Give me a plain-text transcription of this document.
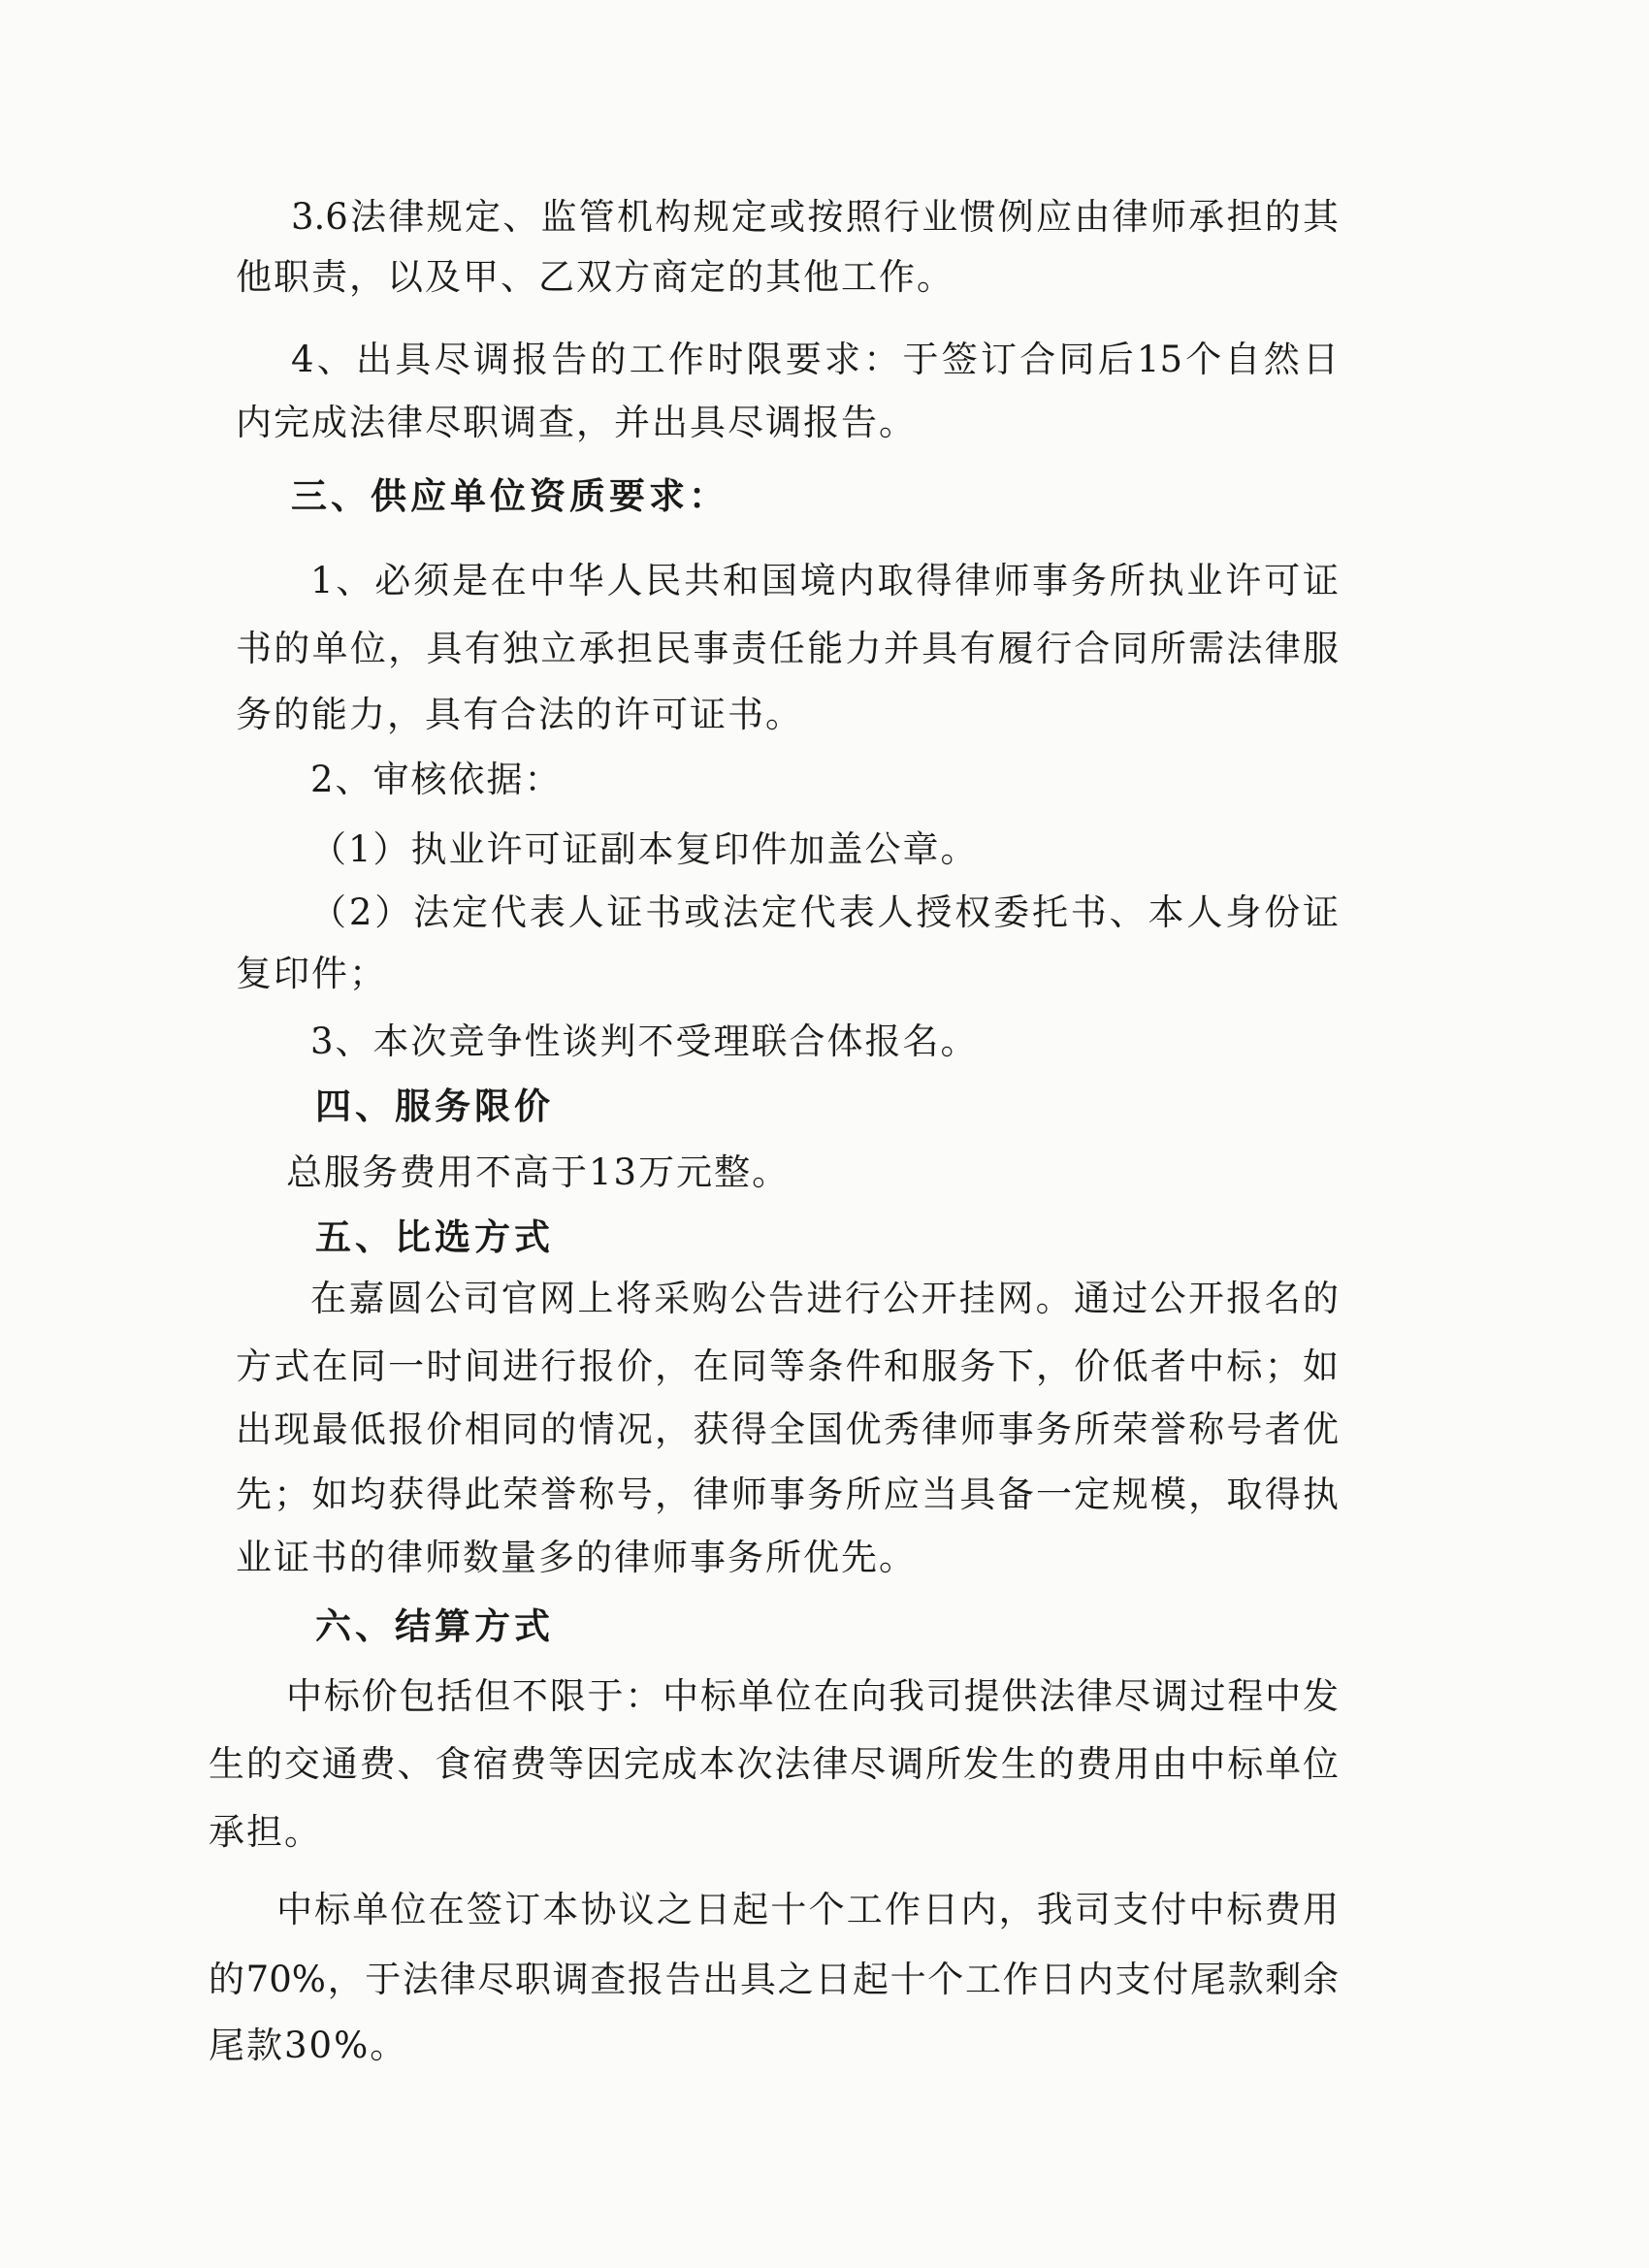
3.6法律规定、监管机构规定或按照行业惯例应由律师承担的其
他职责，以及甲、乙双方商定的其他工作。
4、出具尽调报告的工作时限要求：于签订合同后15个自然日
内完成法律尽职调查，并出具尽调报告。
三、供应单位资质要求：
1、必须是在中华人民共和国境内取得律师事务所执业许可证
书的单位，具有独立承担民事责任能力并具有履行合同所需法律服
务的能力，具有合法的许可证书。
2、审核依据：
（1）执业许可证副本复印件加盖公章。
（2）法定代表人证书或法定代表人授权委托书、本人身份证
复印件；
3、本次竞争性谈判不受理联合体报名。
四、服务限价
总服务费用不高于13万元整。
五、比选方式
在嘉圆公司官网上将采购公告进行公开挂网。通过公开报名的
方式在同一时间进行报价，在同等条件和服务下，价低者中标；如
出现最低报价相同的情况，获得全国优秀律师事务所荣誉称号者优
先；如均获得此荣誉称号，律师事务所应当具备一定规模，取得执
业证书的律师数量多的律师事务所优先。
六、结算方式
中标价包括但不限于：中标单位在向我司提供法律尽调过程中发
生的交通费、食宿费等因完成本次法律尽调所发生的费用由中标单位
承担。
中标单位在签订本协议之日起十个工作日内，我司支付中标费用
的70%，于法律尽职调查报告出具之日起十个工作日内支付尾款剩余
尾款30%。
